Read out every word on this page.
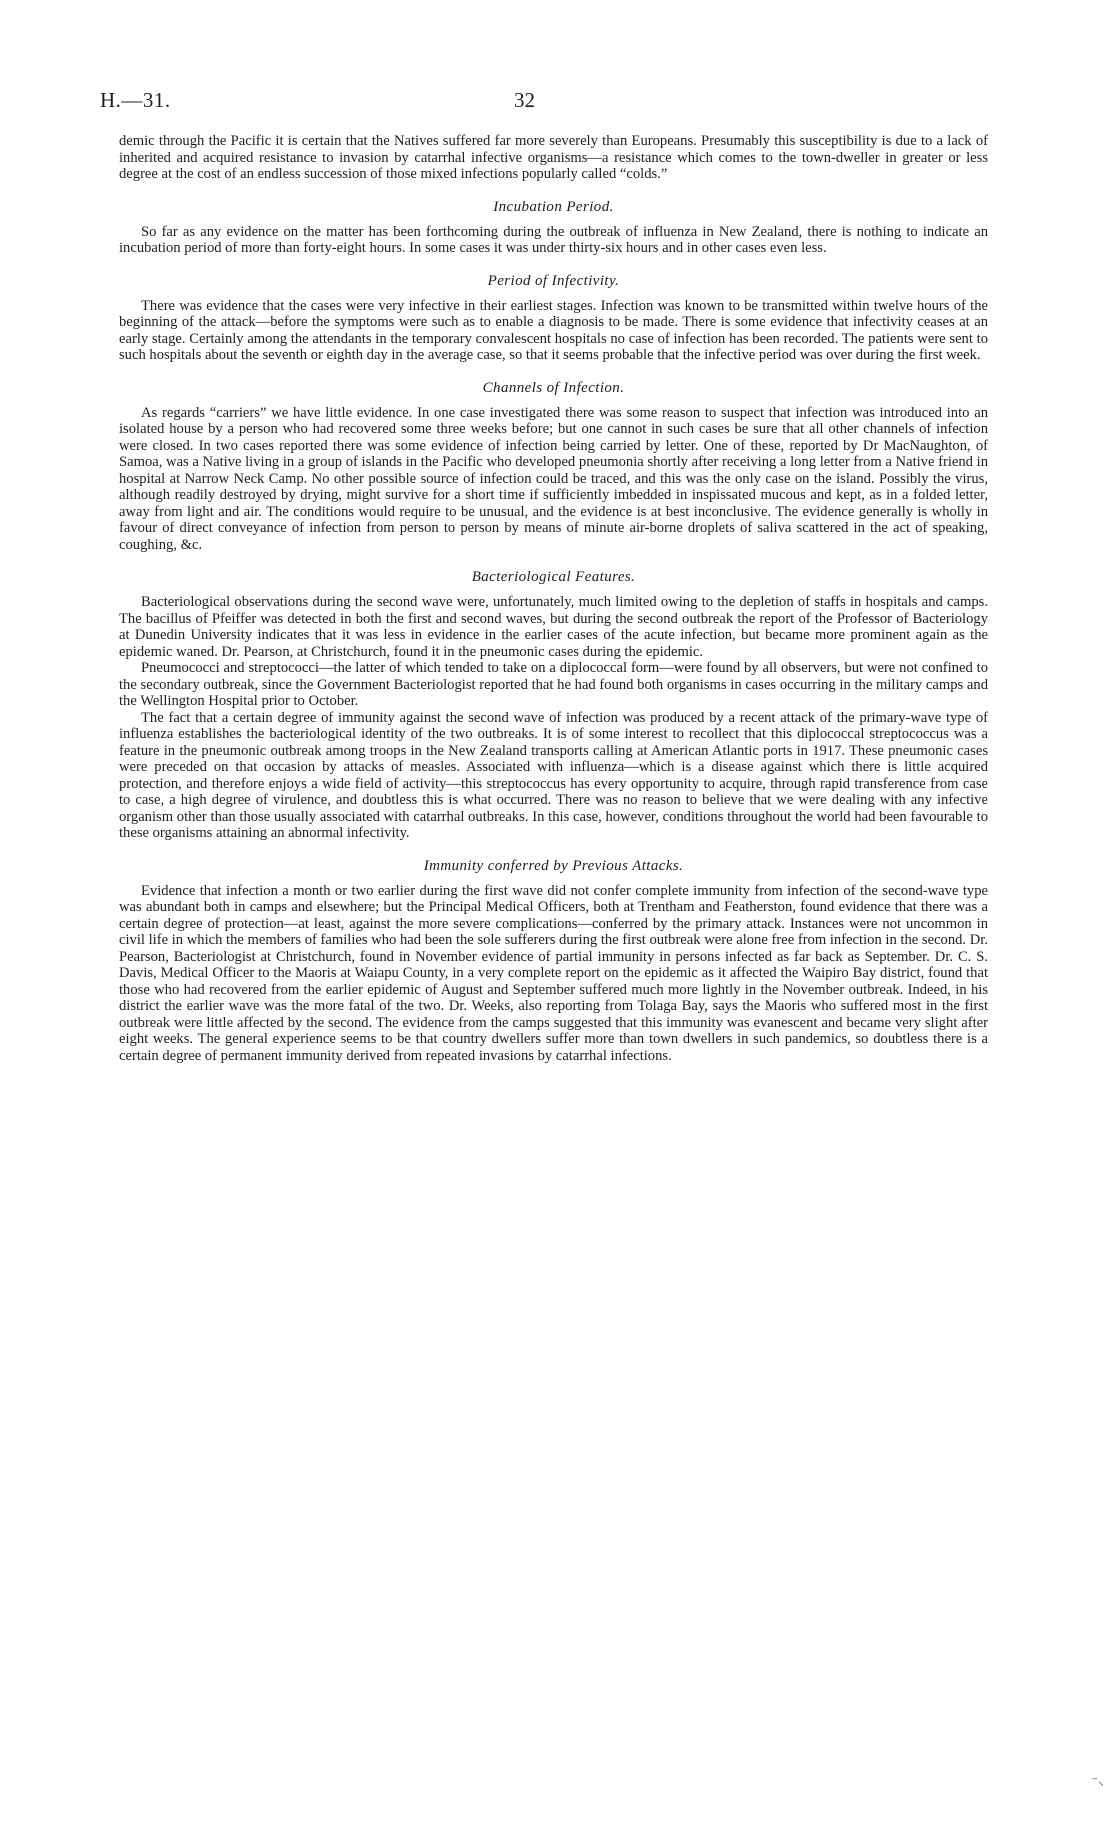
H.—31.	32

demic through the Pacific it is certain that the Natives suffered far more severely than Europeans. Presumably this susceptibility is due to a lack of inherited and acquired resistance to invasion by catarrhal infective organisms—a resistance which comes to the town-dweller in greater or less degree at the cost of an endless succession of those mixed infections popularly called “colds.”

Incubation Period.

So far as any evidence on the matter has been forthcoming during the outbreak of influenza in New Zealand, there is nothing to indicate an incubation period of more than forty-eight hours. In some cases it was under thirty-six hours and in other cases even less.

Period of Infectivity.

There was evidence that the cases were very infective in their earliest stages. Infection was known to be transmitted within twelve hours of the beginning of the attack—before the symptoms were such as to enable a diagnosis to be made. There is some evidence that infectivity ceases at an early stage. Certainly among the attendants in the temporary convalescent hospitals no case of infection has been recorded. The patients were sent to such hospitals about the seventh or eighth day in the average case, so that it seems probable that the infective period was over during the first week.

Channels of Infection.

As regards “carriers” we have little evidence. In one case investigated there was some reason to suspect that infection was introduced into an isolated house by a person who had recovered some three weeks before; but one cannot in such cases be sure that all other channels of infection were closed. In two cases reported there was some evidence of infection being carried by letter. One of these, reported by Dr MacNaughton, of Samoa, was a Native living in a group of islands in the Pacific who developed pneumonia shortly after receiving a long letter from a Native friend in hospital at Narrow Neck Camp. No other possible source of infection could be traced, and this was the only case on the island. Possibly the virus, although readily destroyed by drying, might survive for a short time if sufficiently imbedded in inspissated mucous and kept, as in a folded letter, away from light and air. The conditions would require to be unusual, and the evidence is at best inconclusive. The evidence generally is wholly in favour of direct conveyance of infection from person to person by means of minute air-borne droplets of saliva scattered in the act of speaking, coughing, &c.

Bacteriological Features.

Bacteriological observations during the second wave were, unfortunately, much limited owing to the depletion of staffs in hospitals and camps. The bacillus of Pfeiffer was detected in both the first and second waves, but during the second outbreak the report of the Professor of Bacteriology at Dunedin University indicates that it was less in evidence in the earlier cases of the acute infection, but became more prominent again as the epidemic waned. Dr. Pearson, at Christchurch, found it in the pneumonic cases during the epidemic.

Pneumococci and streptococci—the latter of which tended to take on a diplococcal form—were found by all observers, but were not confined to the secondary outbreak, since the Government Bacteriologist reported that he had found both organisms in cases occurring in the military camps and the Wellington Hospital prior to October.

The fact that a certain degree of immunity against the second wave of infection was produced by a recent attack of the primary-wave type of influenza establishes the bacteriological identity of the two outbreaks. It is of some interest to recollect that this diplococcal streptococcus was a feature in the pneumonic outbreak among troops in the New Zealand transports calling at American Atlantic ports in 1917. These pneumonic cases were preceded on that occasion by attacks of measles. Associated with influenza—which is a disease against which there is little acquired protection, and therefore enjoys a wide field of activity—this streptococcus has every opportunity to acquire, through rapid transference from case to case, a high degree of virulence, and doubtless this is what occurred. There was no reason to believe that we were dealing with any infective organism other than those usually associated with catarrhal outbreaks. In this case, however, conditions throughout the world had been favourable to these organisms attaining an abnormal infectivity.

Immunity conferred by Previous Attacks.

Evidence that infection a month or two earlier during the first wave did not confer complete immunity from infection of the second-wave type was abundant both in camps and elsewhere; but the Principal Medical Officers, both at Trentham and Featherston, found evidence that there was a certain degree of protection—at least, against the more severe complications—conferred by the primary attack. Instances were not uncommon in civil life in which the members of families who had been the sole sufferers during the first outbreak were alone free from infection in the second. Dr. Pearson, Bacteriologist at Christchurch, found in November evidence of partial immunity in persons infected as far back as September. Dr. C. S. Davis, Medical Officer to the Maoris at Waiapu County, in a very complete report on the epidemic as it affected the Waipiro Bay district, found that those who had recovered from the earlier epidemic of August and September suffered much more lightly in the November outbreak. Indeed, in his district the earlier wave was the more fatal of the two. Dr. Weeks, also reporting from Tolaga Bay, says the Maoris who suffered most in the first outbreak were little affected by the second. The evidence from the camps suggested that this immunity was evanescent and became very slight after eight weeks. The general experience seems to be that country dwellers suffer more than town dwellers in such pandemics, so doubtless there is a certain degree of permanent immunity derived from repeated invasions by catarrhal infections.

⁻⸜
